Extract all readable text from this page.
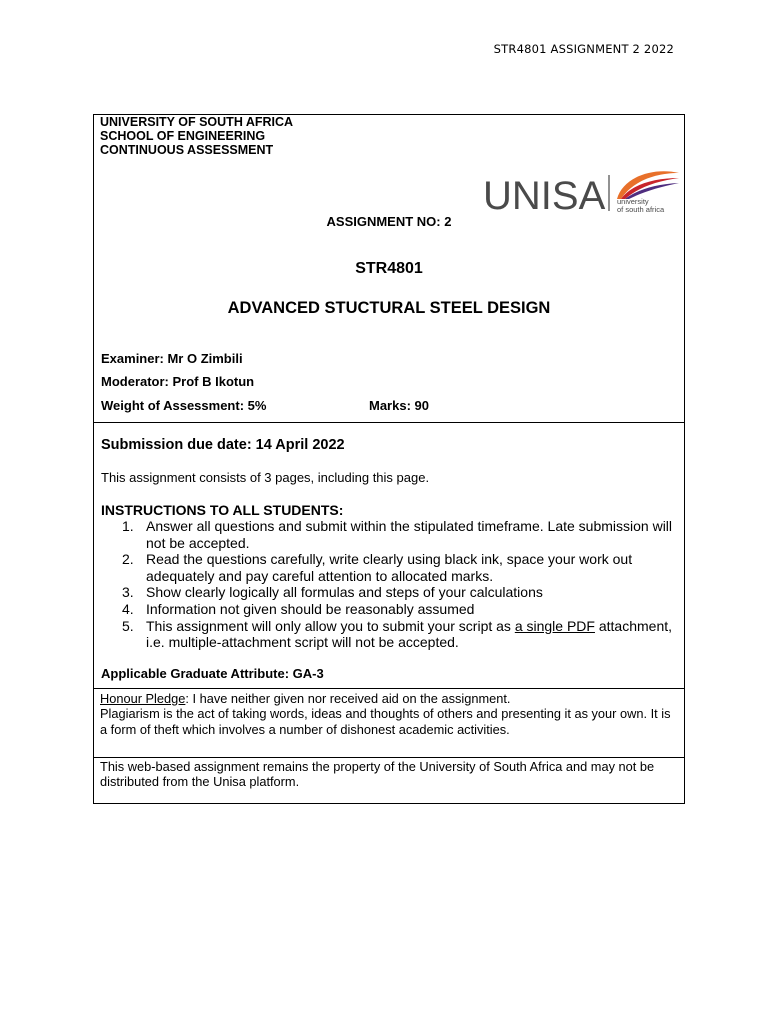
STR4801 ASSIGNMENT 2 2022
UNIVERSITY OF SOUTH AFRICA
SCHOOL OF ENGINEERING
CONTINUOUS ASSESSMENT
UNISA university
of south africa
ASSIGNMENT NO: 2
STR4801
ADVANCED STUCTURAL STEEL DESIGN
Examiner: Mr O Zimbili
Moderator: Prof B Ikotun
Weight of Assessment: 5%	Marks: 90
Submission due date: 14 April 2022
This assignment consists of 3 pages, including this page.
INSTRUCTIONS TO ALL STUDENTS:
1. Answer all questions and submit within the stipulated timeframe. Late submission will not be accepted.
2. Read the questions carefully, write clearly using black ink, space your work out adequately and pay careful attention to allocated marks.
3. Show clearly logically all formulas and steps of your calculations
4. Information not given should be reasonably assumed
5. This assignment will only allow you to submit your script as a single PDF attachment, i.e. multiple-attachment script will not be accepted.
Applicable Graduate Attribute: GA-3
Honour Pledge: I have neither given nor received aid on the assignment.
Plagiarism is the act of taking words, ideas and thoughts of others and presenting it as your own. It is a form of theft which involves a number of dishonest academic activities.
This web-based assignment remains the property of the University of South Africa and may not be distributed from the Unisa platform.
